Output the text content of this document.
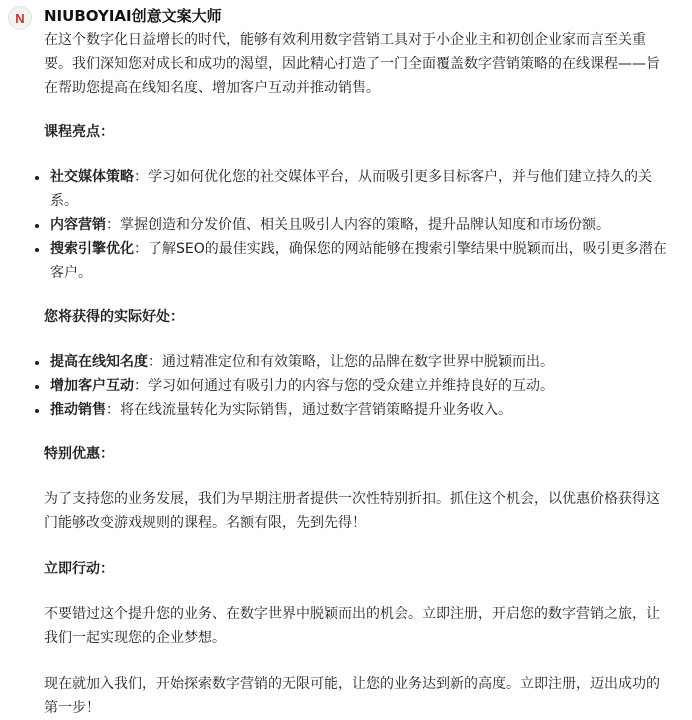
N NIUBOYIAI创意文案大师

在这个数字化日益增长的时代，能够有效利用数字营销工具对于小企业主和初创企业家而言至关重要。我们深知您对成长和成功的渴望，因此精心打造了一门全面覆盖数字营销策略的在线课程——旨在帮助您提高在线知名度、增加客户互动并推动销售。

课程亮点：

社交媒体策略：学习如何优化您的社交媒体平台，从而吸引更多目标客户，并与他们建立持久的关系。
内容营销：掌握创造和分发价值、相关且吸引人内容的策略，提升品牌认知度和市场份额。
搜索引擎优化：了解SEO的最佳实践，确保您的网站能够在搜索引擎结果中脱颖而出，吸引更多潜在客户。

您将获得的实际好处：

提高在线知名度：通过精准定位和有效策略，让您的品牌在数字世界中脱颖而出。
增加客户互动：学习如何通过有吸引力的内容与您的受众建立并维持良好的互动。
推动销售：将在线流量转化为实际销售，通过数字营销策略提升业务收入。

特别优惠：

为了支持您的业务发展，我们为早期注册者提供一次性特别折扣。抓住这个机会，以优惠价格获得这门能够改变游戏规则的课程。名额有限，先到先得！

立即行动：

不要错过这个提升您的业务、在数字世界中脱颖而出的机会。立即注册，开启您的数字营销之旅，让我们一起实现您的企业梦想。

现在就加入我们，开始探索数字营销的无限可能，让您的业务达到新的高度。立即注册，迈出成功的第一步！
